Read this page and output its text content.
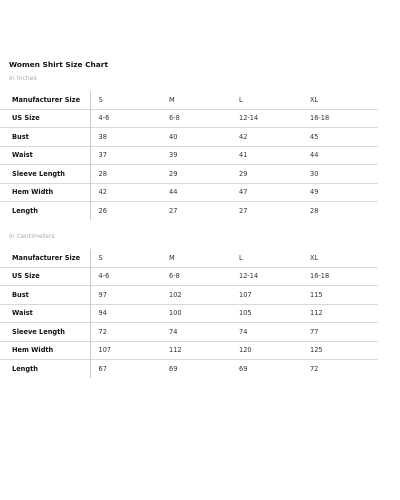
Women Shirt Size Chart
In Inches
Manufacturer Size	S	M	L	XL
US Size	4-6	6-8	12-14	16-18
Bust	38	40	42	45
Waist	37	39	41	44
Sleeve Length	28	29	29	30
Hem Width	42	44	47	49
Length	26	27	27	28
In Centimeters
Manufacturer Size	S	M	L	XL
US Size	4-6	6-8	12-14	16-18
Bust	97	102	107	115
Waist	94	100	105	112
Sleeve Length	72	74	74	77
Hem Width	107	112	120	125
Length	67	69	69	72
